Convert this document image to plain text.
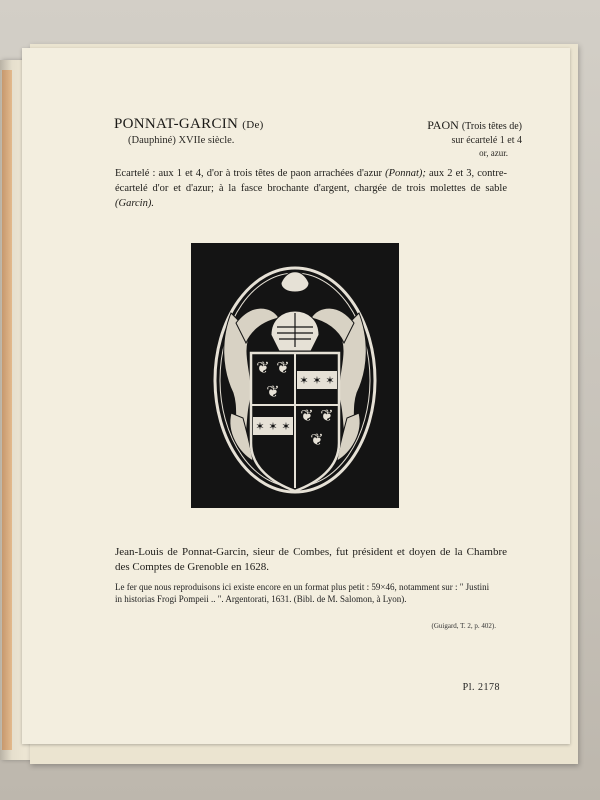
PONNAT-GARCIN (De)
(Dauphiné) XVIIe siècle.
PAON (Trois têtes de)
sur écartelé 1 et 4
or, azur.
Ecartelé : aux 1 et 4, d'or à trois têtes de paon arrachées d'azur (Ponnat); aux 2 et 3, contre-écartelé d'or et d'azur; à la fasce brochante d'argent, chargée de trois molettes de sable (Garcin).
✶ ✶ ✶
✶ ✶ ✶
❦ ❦
❦
❦ ❦
❦
Jean-Louis de Ponnat-Garcin, sieur de Combes, fut président et doyen de la Chambre des Comptes de Grenoble en 1628.
Le fer que nous reproduisons ici existe encore en un format plus petit : 59×46, notamment sur : " Justini in historias Frogi Pompeii .. ". Argentorati, 1631. (Bibl. de M. Salomon, à Lyon).
(Guigard, T. 2, p. 402).
Pl. 2178
